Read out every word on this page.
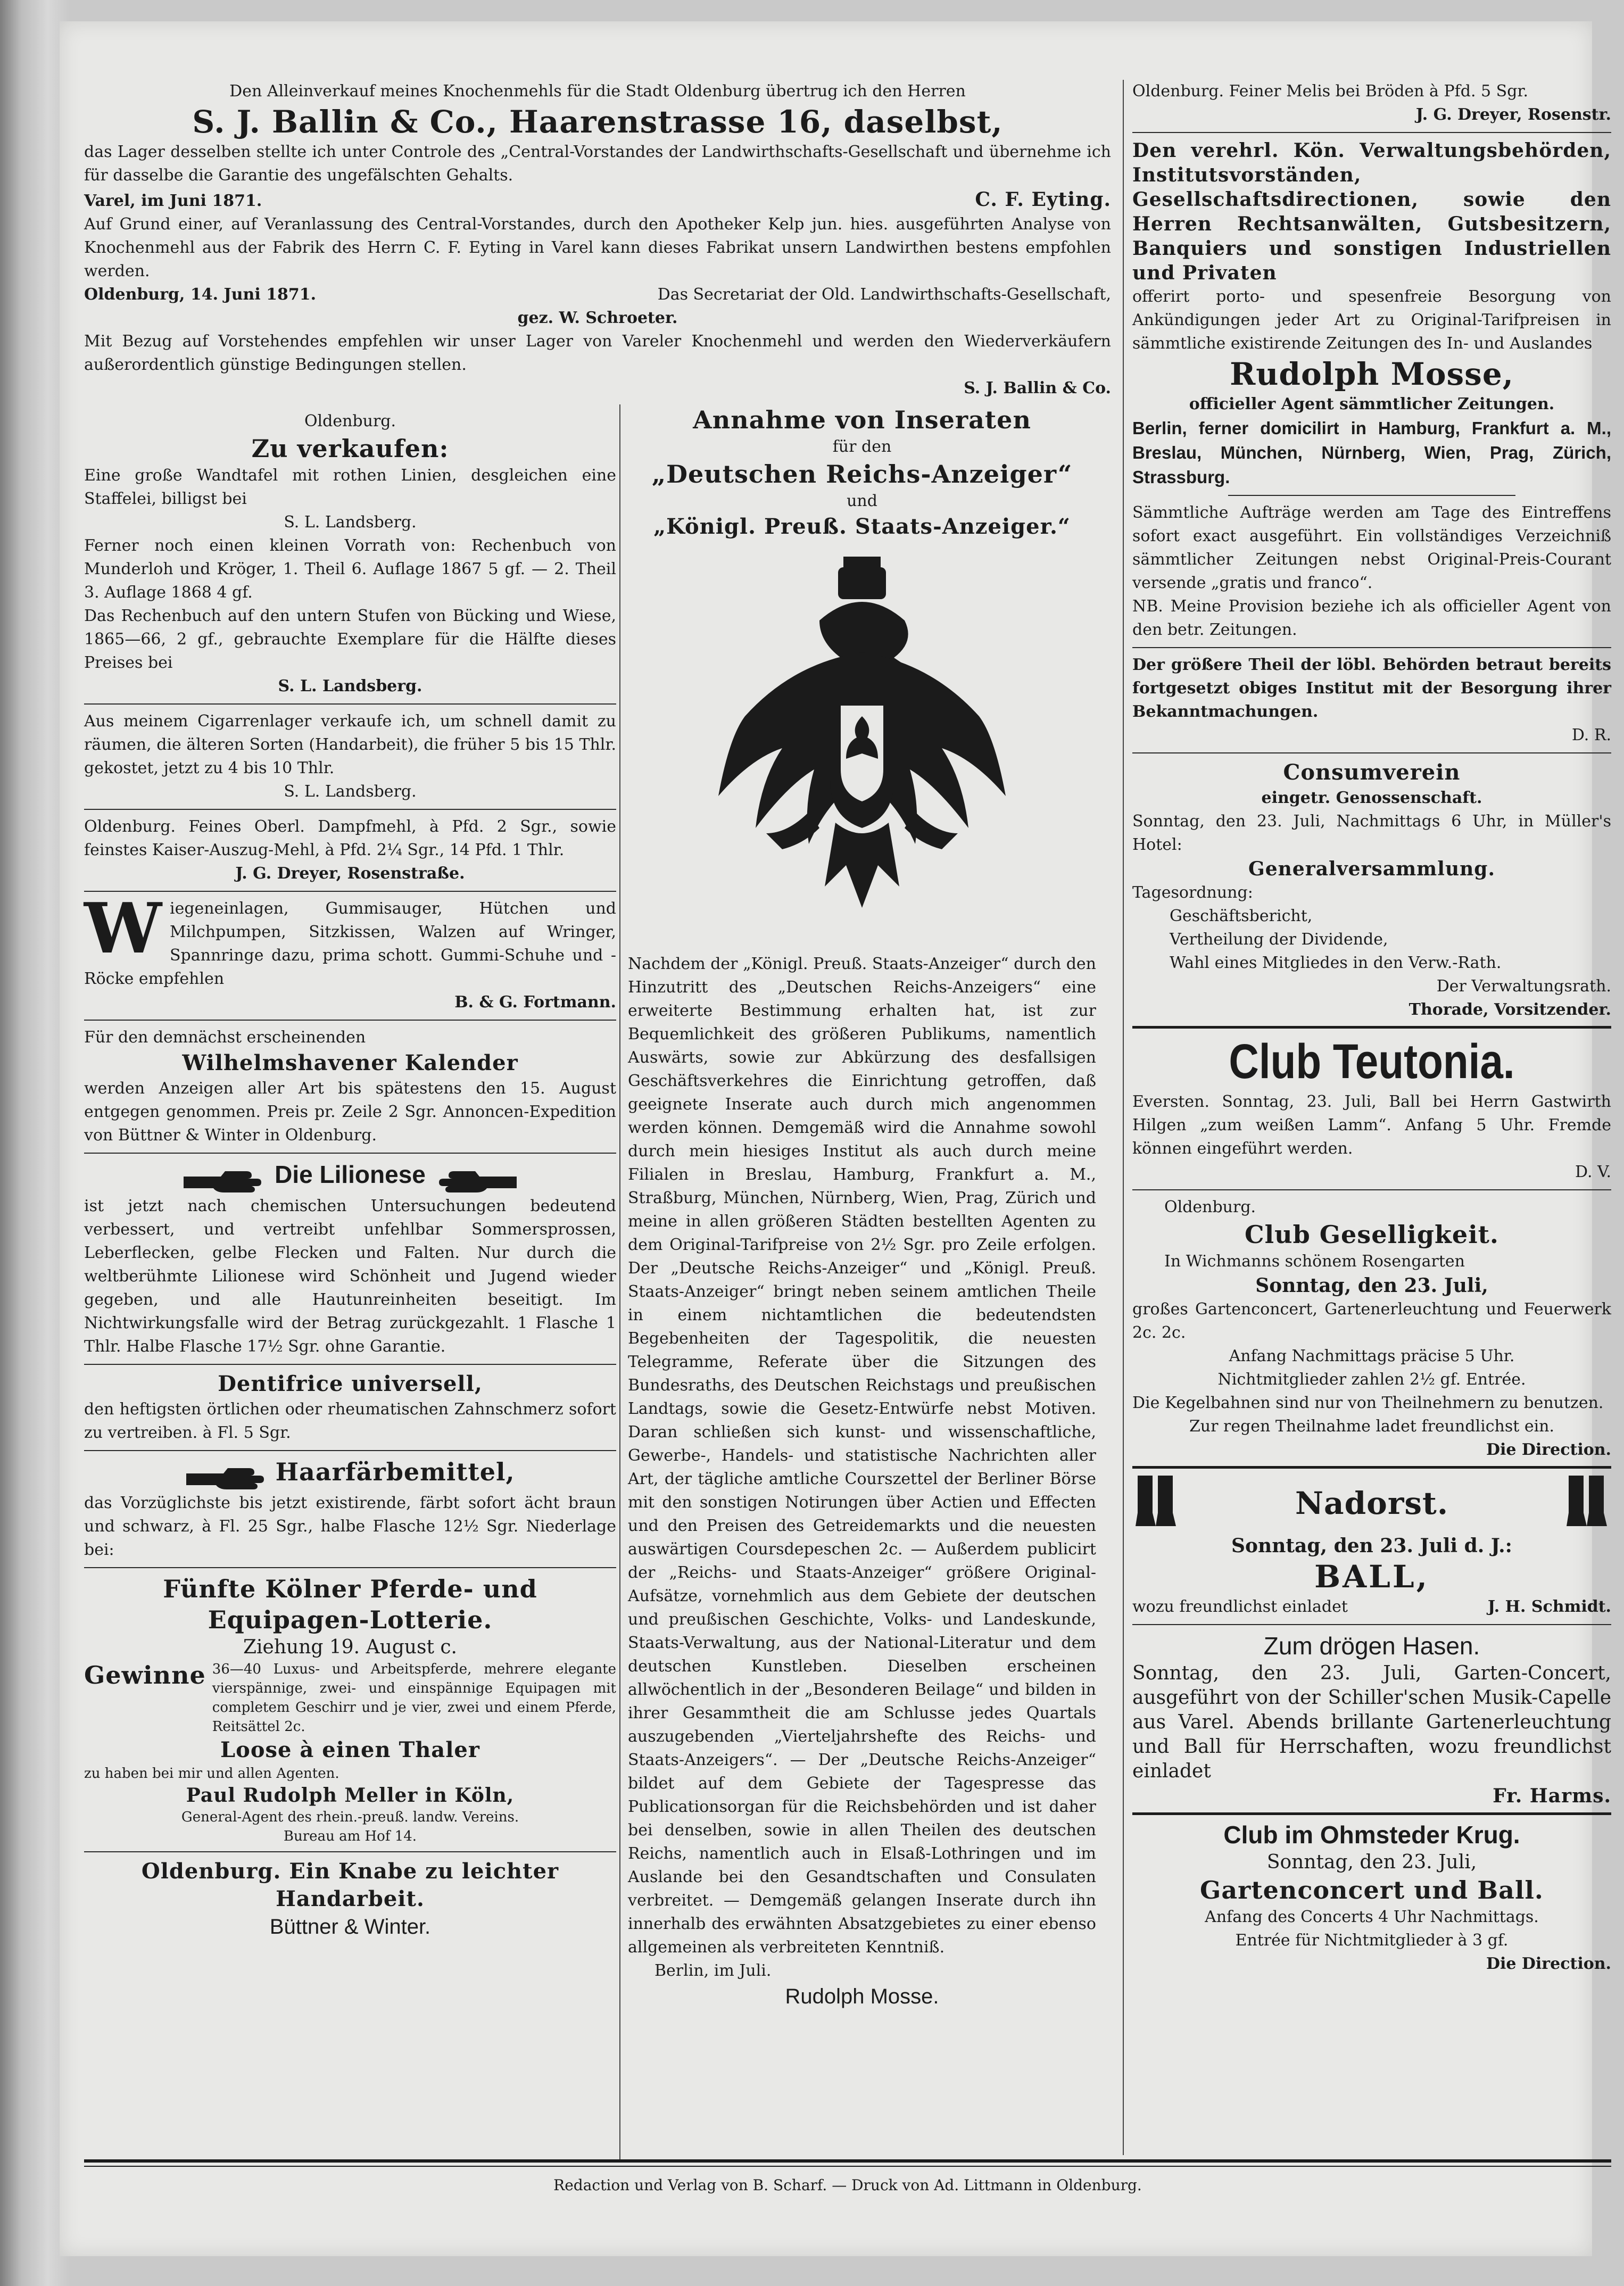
Den Alleinverkauf meines Knochenmehls für die Stadt Oldenburg übertrug ich den Herren

S. J. Ballin & Co., Haarenstrasse 16, daselbst,

das Lager desselben stellte ich unter Controle des „Central-Vorstandes der Landwirthschafts-Gesellschaft und übernehme ich für dasselbe die Garantie des ungefälschten Gehalts.

Varel, im Juni 1871.	C. F. Eyting.

Auf Grund einer, auf Veranlassung des Central-Vorstandes, durch den Apotheker Kelp jun. hies. ausgeführten Analyse von Knochenmehl aus der Fabrik des Herrn C. F. Eyting in Varel kann dieses Fabrikat unsern Landwirthen bestens empfohlen werden.

Oldenburg, 14. Juni 1871.	Das Secretariat der Old. Landwirthschafts-Gesellschaft,

gez. W. Schroeter.

Mit Bezug auf Vorstehendes empfehlen wir unser Lager von Vareler Knochenmehl und werden den Wiederverkäufern außerordentlich günstige Bedingungen stellen.

S. J. Ballin & Co.

Oldenburg.

Zu verkaufen:

Eine große Wandtafel mit rothen Linien, desgleichen eine Staffelei, billigst bei

S. L. Landsberg.

Ferner noch einen kleinen Vorrath von: Rechenbuch von Munderloh und Kröger, 1. Theil 6. Auflage 1867 5 gf. — 2. Theil 3. Auflage 1868 4 gf.

Das Rechenbuch auf den untern Stufen von Bücking und Wiese, 1865—66, 2 gf., gebrauchte Exemplare für die Hälfte dieses Preises bei

S. L. Landsberg.

Aus meinem Cigarrenlager verkaufe ich, um schnell damit zu räumen, die älteren Sorten (Handarbeit), die früher 5 bis 15 Thlr. gekostet, jetzt zu 4 bis 10 Thlr.

S. L. Landsberg.

Oldenburg. Feines Oberl. Dampfmehl, à Pfd. 2 Sgr., sowie feinstes Kaiser-Auszug-Mehl, à Pfd. 2¼ Sgr., 14 Pfd. 1 Thlr.

J. G. Dreyer, Rosenstraße.

W iegeneinlagen, Gummisauger, Hütchen und Milchpumpen, Sitzkissen, Walzen auf Wringer, Spannringe dazu, prima schott. Gummi-Schuhe und -Röcke empfehlen

B. & G. Fortmann.

Für den demnächst erscheinenden

Wilhelmshavener Kalender

werden Anzeigen aller Art bis spätestens den 15. August entgegen genommen. Preis pr. Zeile 2 Sgr. Annoncen-Expedition von Büttner & Winter in Oldenburg.

Die Lilionese

ist jetzt nach chemischen Untersuchungen bedeutend verbessert, und vertreibt unfehlbar Sommersprossen, Leberflecken, gelbe Flecken und Falten. Nur durch die weltberühmte Lilionese wird Schönheit und Jugend wieder gegeben, und alle Hautunreinheiten beseitigt. Im Nichtwirkungsfalle wird der Betrag zurückgezahlt. 1 Flasche 1 Thlr. Halbe Flasche 17½ Sgr. ohne Garantie.

Dentifrice universell,

den heftigsten örtlichen oder rheumatischen Zahnschmerz sofort zu vertreiben. à Fl. 5 Sgr.

Haarfärbemittel,

das Vorzüglichste bis jetzt existirende, färbt sofort ächt braun und schwarz, à Fl. 25 Sgr., halbe Flasche 12½ Sgr. Niederlage bei:

Fünfte Kölner Pferde- und Equipagen-Lotterie.

Ziehung 19. August c.

Gewinne 36—40 Luxus- und Arbeitspferde, mehrere elegante vierspännige, zwei- und einspännige Equipagen mit completem Geschirr und je vier, zwei und einem Pferde, Reitsättel 2c.

Loose à einen Thaler

zu haben bei mir und allen Agenten.

Paul Rudolph Meller in Köln,

General-Agent des rhein.-preuß. landw. Vereins.

Bureau am Hof 14.

Oldenburg. Ein Knabe zu leichter Handarbeit.

Büttner & Winter.

Annahme von Inseraten

für den

„Deutschen Reichs-Anzeiger“

und

„Königl. Preuß. Staats-Anzeiger.“

Nachdem der „Königl. Preuß. Staats-Anzeiger“ durch den Hinzutritt des „Deutschen Reichs-Anzeigers“ eine erweiterte Bestimmung erhalten hat, ist zur Bequemlichkeit des größeren Publikums, namentlich Auswärts, sowie zur Abkürzung des desfallsigen Geschäftsverkehres die Einrichtung getroffen, daß geeignete Inserate auch durch mich angenommen werden können. Demgemäß wird die Annahme sowohl durch mein hiesiges Institut als auch durch meine Filialen in Breslau, Hamburg, Frankfurt a. M., Straßburg, München, Nürnberg, Wien, Prag, Zürich und meine in allen größeren Städten bestellten Agenten zu dem Original-Tarifpreise von 2½ Sgr. pro Zeile erfolgen. Der „Deutsche Reichs-Anzeiger“ und „Königl. Preuß. Staats-Anzeiger“ bringt neben seinem amtlichen Theile in einem nichtamtlichen die bedeutendsten Begebenheiten der Tagespolitik, die neuesten Telegramme, Referate über die Sitzungen des Bundesraths, des Deutschen Reichstags und preußischen Landtags, sowie die Gesetz-Entwürfe nebst Motiven. Daran schließen sich kunst- und wissenschaftliche, Gewerbe-, Handels- und statistische Nachrichten aller Art, der tägliche amtliche Courszettel der Berliner Börse mit den sonstigen Notirungen über Actien und Effecten und den Preisen des Getreidemarkts und die neuesten auswärtigen Coursdepeschen 2c. — Außerdem publicirt der „Reichs- und Staats-Anzeiger“ größere Original-Aufsätze, vornehmlich aus dem Gebiete der deutschen und preußischen Geschichte, Volks- und Landeskunde, Staats-Verwaltung, aus der National-Literatur und dem deutschen Kunstleben. Dieselben erscheinen allwöchentlich in der „Besonderen Beilage“ und bilden in ihrer Gesammtheit die am Schlusse jedes Quartals auszugebenden „Vierteljahrshefte des Reichs- und Staats-Anzeigers“. — Der „Deutsche Reichs-Anzeiger“ bildet auf dem Gebiete der Tagespresse das Publicationsorgan für die Reichsbehörden und ist daher bei denselben, sowie in allen Theilen des deutschen Reichs, namentlich auch in Elsaß-Lothringen und im Auslande bei den Gesandtschaften und Consulaten verbreitet. — Demgemäß gelangen Inserate durch ihn innerhalb des erwähnten Absatzgebietes zu einer ebenso allgemeinen als verbreiteten Kenntniß.

Berlin, im Juli.

Rudolph Mosse.

Oldenburg. Feiner Melis bei Bröden à Pfd. 5 Sgr.

J. G. Dreyer, Rosenstr.

Den verehrl. Kön. Verwaltungsbehörden, Institutsvorständen, Gesellschaftsdirectionen, sowie den Herren Rechtsanwälten, Gutsbesitzern, Banquiers und sonstigen Industriellen und Privaten

offerirt porto- und spesenfreie Besorgung von Ankündigungen jeder Art zu Original-Tarifpreisen in sämmtliche existirende Zeitungen des In- und Auslandes

Rudolph Mosse,

officieller Agent sämmtlicher Zeitungen.

Berlin, ferner domicilirt in Hamburg, Frankfurt a. M., Breslau, München, Nürnberg, Wien, Prag, Zürich, Strassburg.

Sämmtliche Aufträge werden am Tage des Eintreffens sofort exact ausgeführt. Ein vollständiges Verzeichniß sämmtlicher Zeitungen nebst Original-Preis-Courant versende „gratis und franco“.

NB. Meine Provision beziehe ich als officieller Agent von den betr. Zeitungen.

Der größere Theil der löbl. Behörden betraut bereits fortgesetzt obiges Institut mit der Besorgung ihrer Bekanntmachungen.

D. R.

Consumverein

eingetr. Genossenschaft.

Sonntag, den 23. Juli, Nachmittags 6 Uhr, in Müller's Hotel:

Generalversammlung.

Tagesordnung:

Geschäftsbericht,

Vertheilung der Dividende,

Wahl eines Mitgliedes in den Verw.-Rath.

Der Verwaltungsrath.

Thorade, Vorsitzender.

Club Teutonia.

Eversten. Sonntag, 23. Juli, Ball bei Herrn Gastwirth Hilgen „zum weißen Lamm“. Anfang 5 Uhr. Fremde können eingeführt werden.

D. V.

Oldenburg.

Club Geselligkeit.

In Wichmanns schönem Rosengarten

Sonntag, den 23. Juli,

großes Gartenconcert, Gartenerleuchtung und Feuerwerk 2c. 2c.

Anfang Nachmittags präcise 5 Uhr.

Nichtmitglieder zahlen 2½ gf. Entrée.

Die Kegelbahnen sind nur von Theilnehmern zu benutzen.

Zur regen Theilnahme ladet freundlichst ein.

Die Direction.

Nadorst.

Sonntag, den 23. Juli d. J.:

BALL,

wozu freundlichst einladet	J. H. Schmidt.

Zum drögen Hasen.

Sonntag, den 23. Juli, Garten-Concert, ausgeführt von der Schiller'schen Musik-Capelle aus Varel. Abends brillante Gartenerleuchtung und Ball für Herrschaften, wozu freundlichst einladet

Fr. Harms.

Club im Ohmsteder Krug.

Sonntag, den 23. Juli,

Gartenconcert und Ball.

Anfang des Concerts 4 Uhr Nachmittags.

Entrée für Nichtmitglieder à 3 gf.

Die Direction.

Redaction und Verlag von B. Scharf. — Druck von Ad. Littmann in Oldenburg.
